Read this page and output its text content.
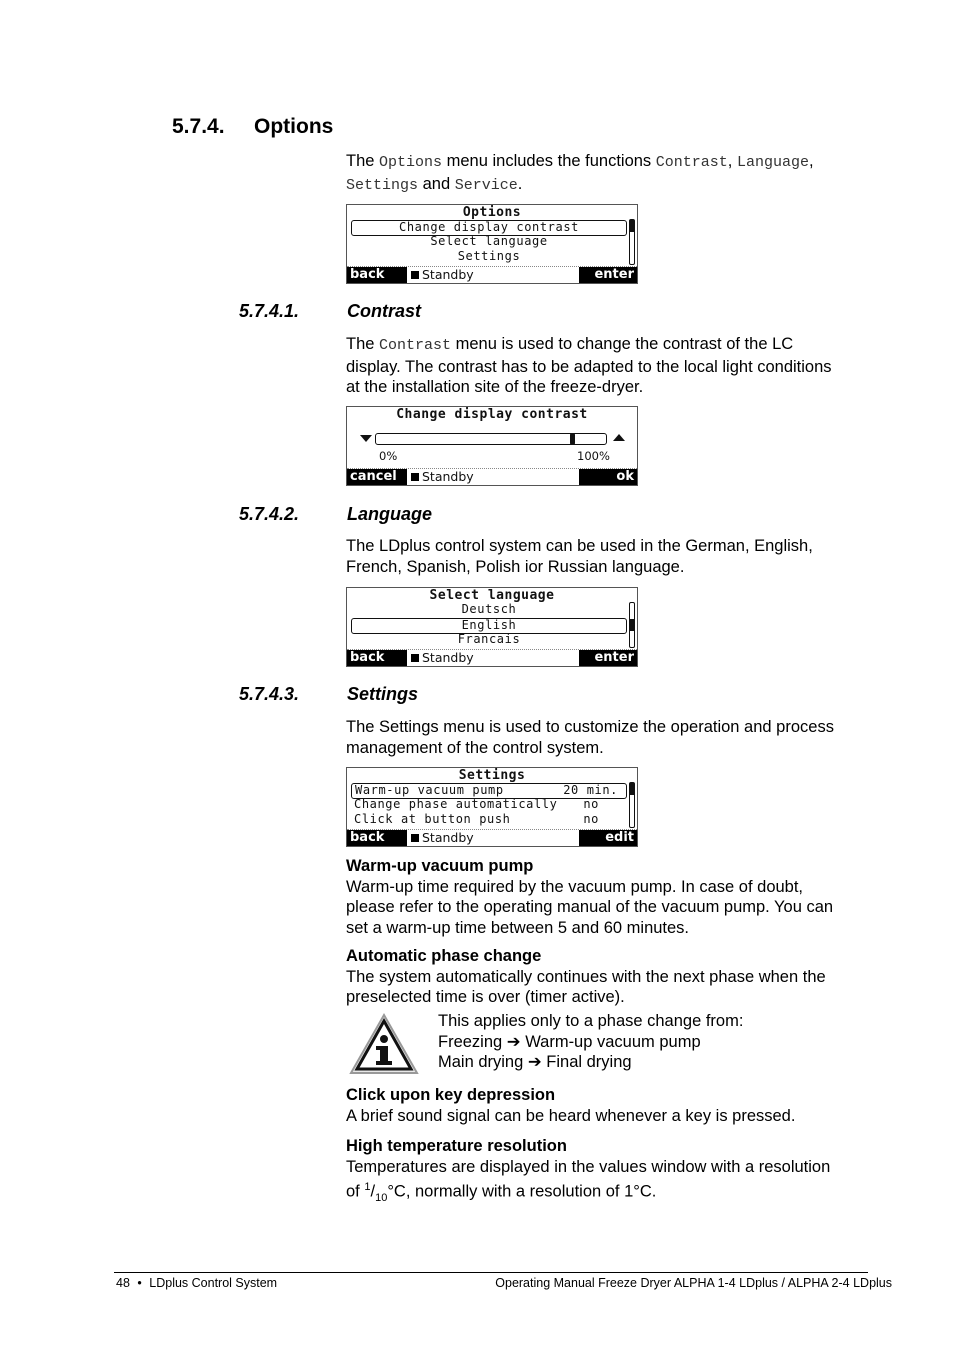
5.7.4. Options
The Options menu includes the functions Contrast, Language,
Settings and Service.
Options
Change display contrast
Select language
Settings
back	Standby	enter
5.7.4.1.	Contrast
The Contrast menu is used to change the contrast of the LC
display. The contrast has to be adapted to the local light conditions
at the installation site of the freeze-dryer.
Change display contrast
0%	100%
cancel	Standby	ok
5.7.4.2.	Language
The LDplus control system can be used in the German, English,
French, Spanish, Polish ior Russian language.
Select language
Deutsch
English
Francais
back	Standby	enter
5.7.4.3.	Settings
The Settings menu is used to customize the operation and process
management of the control system.
Settings
Warm-up vacuum pump	20 min.
Change phase automatically no
Click at button push	no
back	Standby	edit
Warm-up vacuum pump
Warm-up time required by the vacuum pump. In case of doubt,
please refer to the operating manual of the vacuum pump. You can
set a warm-up time between 5 and 60 minutes.
Automatic phase change
The system automatically continues with the next phase when the
preselected time is over (timer active).
This applies only to a phase change from:
Freezing ➔ Warm-up vacuum pump
Main drying ➔ Final drying
Click upon key depression
A brief sound signal can be heard whenever a key is pressed.
High temperature resolution
Temperatures are displayed in the values window with a resolution
of $^1/_{10}^\circ C$, normally with a resolution of 1°C.
48 • LDplus Control System	Operating Manual Freeze Dryer ALPHA 1-4 LDplus / ALPHA 2-4 LDplus
